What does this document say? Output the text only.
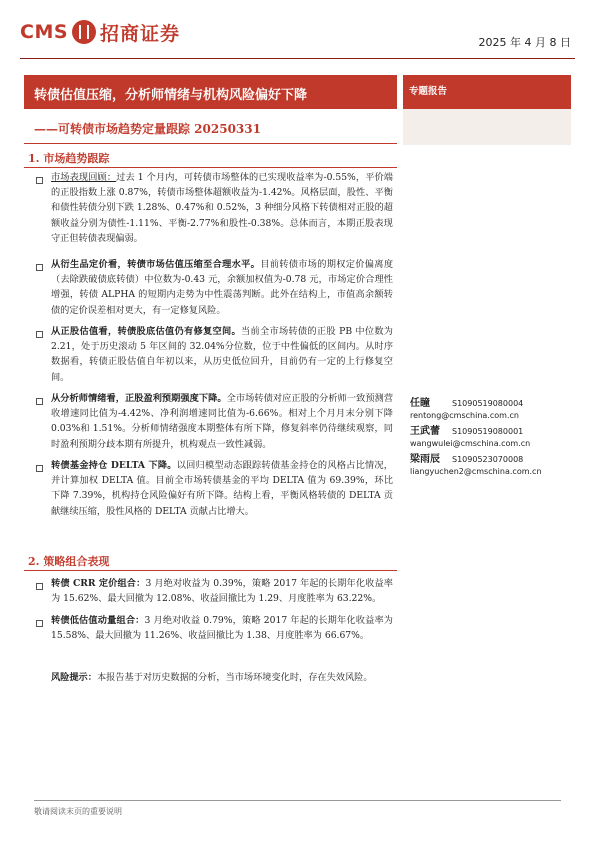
CMS 招商证券	2025 年 4 月 8 日
转债估值压缩，分析师情绪与机构风险偏好下降	专题报告
——可转债市场趋势定量跟踪 20250331
1. 市场趋势跟踪
市场表现回顾：过去 1 个月内，可转债市场整体的已实现收益率为-0.55%，平价端的正股指数上涨 0.87%，转债市场整体超额收益为-1.42%。风格层面，股性、平衡和债性转债分别下跌 1.28%、0.47%和 0.52%，3 种细分风格下转债相对正股的超额收益分别为债性-1.11%、平衡-2.77%和股性-0.38%。总体而言，本期正股表现守正但转债表现偏弱。
从衍生品定价看，转债市场估值压缩至合理水平。目前转债市场的期权定价偏离度（去除跌破债底转债）中位数为-0.43 元，余额加权值为-0.78 元，市场定价合理性增强，转债 ALPHA 的短期内走势为中性震荡判断。此外在结构上，市值高余额转债的定价误差相对更大，有一定修复风险。
从正股估值看，转债股底估值仍有修复空间。当前全市场转债的正股 PB 中位数为 2.21，处于历史滚动 5 年区间的 32.04%分位数，位于中性偏低的区间内。从时序数据看，转债正股估值自年初以来，从历史低位回升，目前仍有一定的上行修复空间。
从分析师情绪看，正股盈利预期强度下降。全市场转债对应正股的分析师一致预测营收增速同比值为-4.42%、净利润增速同比值为-6.66%。相对上个月月末分别下降 0.03%和 1.51%。分析师情绪强度本期整体有所下降，修复斜率仍待继续观察，同时盈利预期分歧本期有所提升，机构观点一致性减弱。
转债基金持仓 DELTA 下降。以回归模型动态跟踪转债基金持仓的风格占比情况，并计算加权 DELTA 值。目前全市场转债基金的平均 DELTA 值为 69.39%，环比下降 7.39%，机构持仓风险偏好有所下降。结构上看，平衡风格转债的 DELTA 贡献继续压缩，股性风格的 DELTA 贡献占比增大。
2. 策略组合表现
转债 CRR 定价组合：3 月绝对收益为 0.39%，策略 2017 年起的长期年化收益率为 15.62%、最大回撤为 12.08%、收益回撤比为 1.29、月度胜率为 63.22%。
转债低估值动量组合：3 月绝对收益 0.79%，策略 2017 年起的长期年化收益率为 15.58%、最大回撤为 11.26%、收益回撤比为 1.38、月度胜率为 66.67%。
风险提示：本报告基于对历史数据的分析，当市场环境变化时，存在失效风险。
任瞳	S1090519080004
rentong@cmschina.com.cn
王武蕾 S1090519080001
wangwulei@cmschina.com.cn
梁雨辰 S1090523070008
liangyuchen2@cmschina.com.cn
敬请阅读末页的重要说明
